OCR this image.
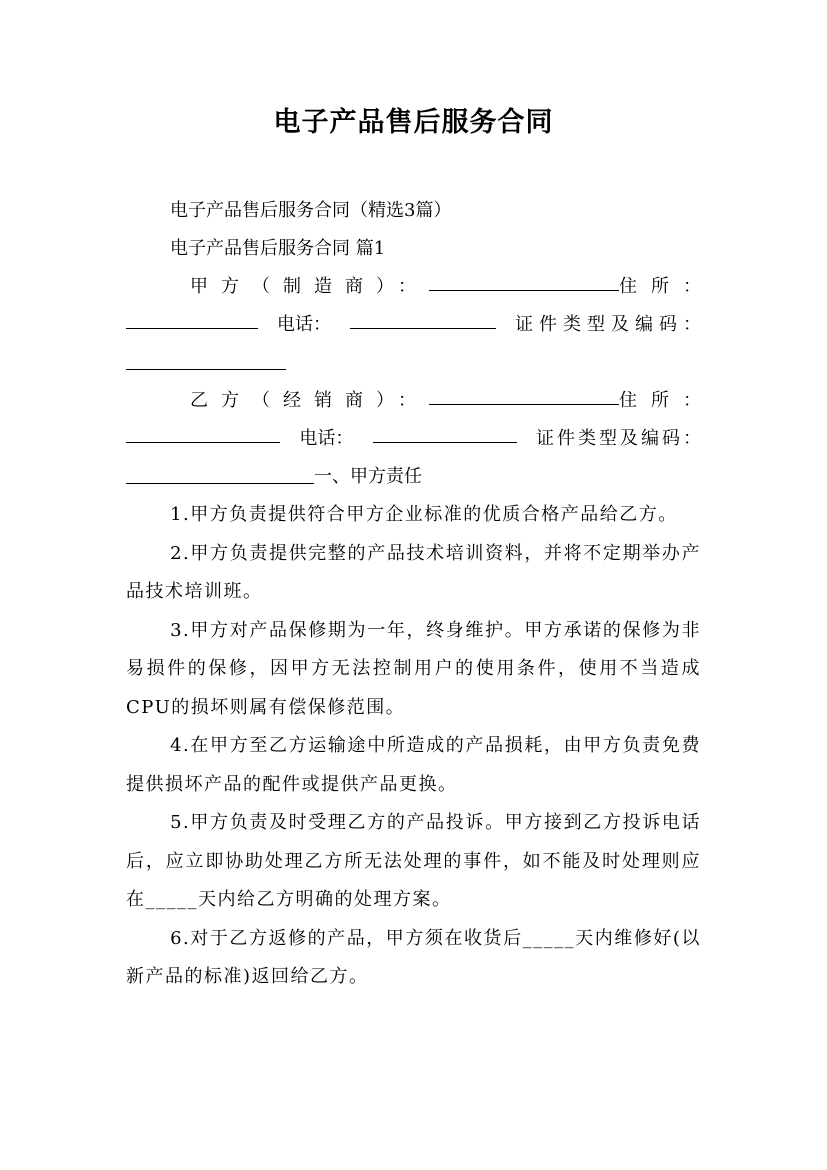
电子产品售后服务合同
电子产品售后服务合同（精选3篇）
电子产品售后服务合同 篇1
甲方（制造商）：	住所：
电话：	证件类型及编码：
乙方（经销商）：	住所：
电话：	证件类型及编码：
一、甲方责任

1.甲方负责提供符合甲方企业标准的优质合格产品给乙方。

2.甲方负责提供完整的产品技术培训资料，并将不定期举办产品技术培训班。

3.甲方对产品保修期为一年，终身维护。甲方承诺的保修为非易损件的保修，因甲方无法控制用户的使用条件，使用不当造成CPU的损坏则属有偿保修范围。

4.在甲方至乙方运输途中所造成的产品损耗，由甲方负责免费提供损坏产品的配件或提供产品更换。

5.甲方负责及时受理乙方的产品投诉。甲方接到乙方投诉电话后，应立即协助处理乙方所无法处理的事件，如不能及时处理则应在_____天内给乙方明确的处理方案。

6.对于乙方返修的产品，甲方须在收货后_____天内维修好(以新产品的标准)返回给乙方。
